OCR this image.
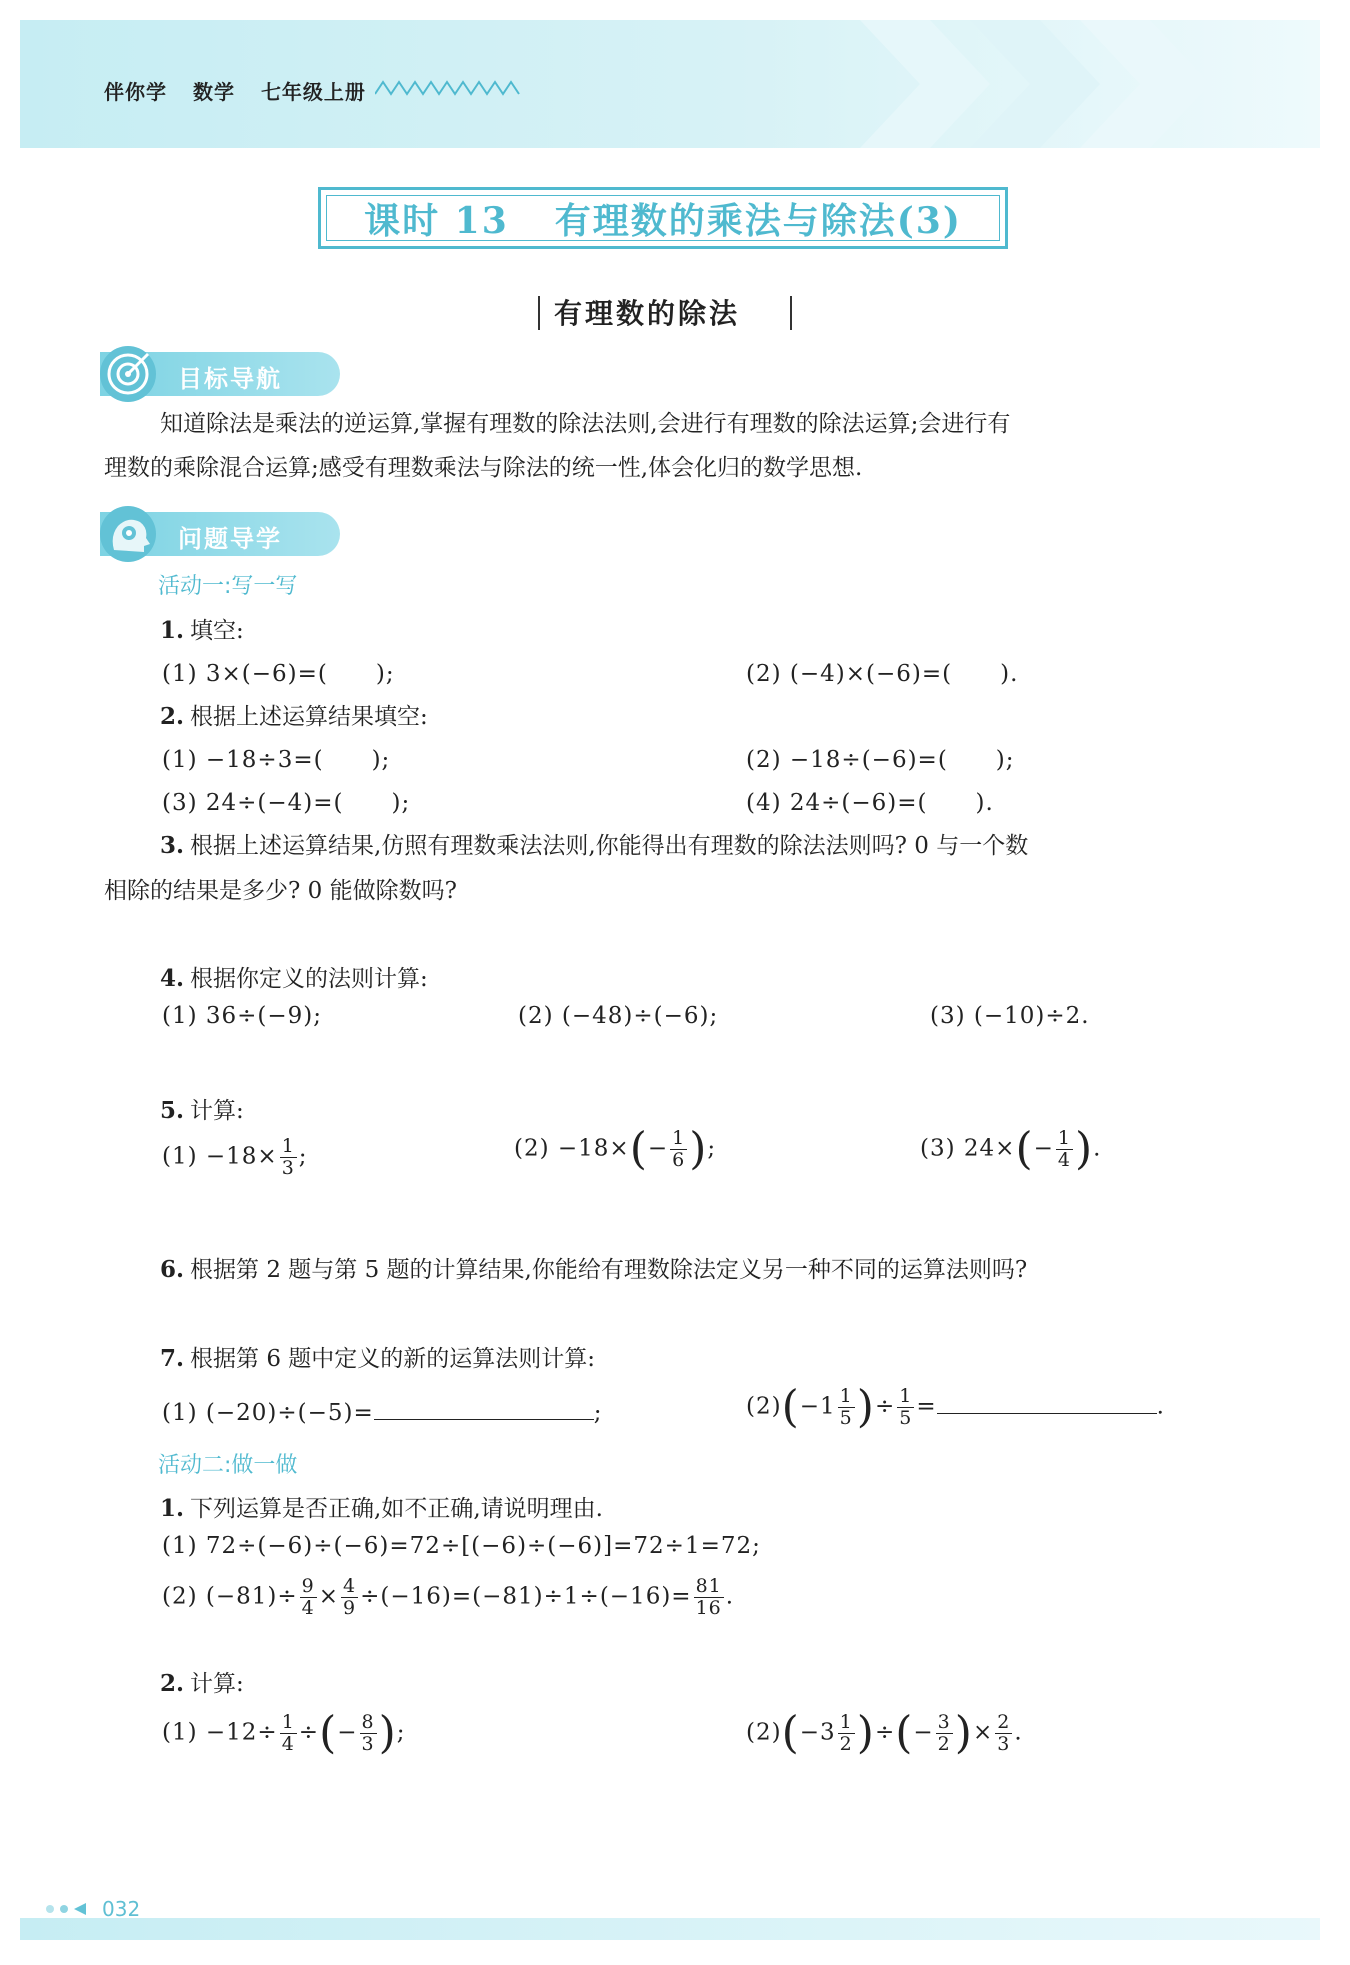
伴你学 数学 七年级上册
课时 13 有理数的乘法与除法(3)
有理数的除法
目标导航
知道除法是乘法的逆运算,掌握有理数的除法法则,会进行有理数的除法运算;会进行有
理数的乘除混合运算;感受有理数乘法与除法的统一性,体会化归的数学思想.
问题导学
活动一:写一写
1. 填空:
(1) 3×(−6)=(　　);	(2) (−4)×(−6)=(　　).
2. 根据上述运算结果填空:
(1) −18÷3=(　　);	(2) −18÷(−6)=(　　);
(3) 24÷(−4)=(　　);	(4) 24÷(−6)=(　　).
3. 根据上述运算结果,仿照有理数乘法法则,你能得出有理数的除法法则吗? 0 与一个数
相除的结果是多少? 0 能做除数吗?
4. 根据你定义的法则计算:
(1) 36÷(−9);	(2) (−48)÷(−6);	(3) (−10)÷2.
5. 计算:
$(1) -18\times \frac{1}{3}$ ;	$(2) -18\times(- \frac{1}{6}$ );	(3) $24\times(- \frac{1}{4}$ ).
6. 根据第 2 题与第 5 题的计算结果,你能给有理数除法定义另一种不同的运算法则吗?
7. 根据第 6 题中定义的新的运算法则计算:
(1) (−20)÷(−5)=	;	$(2)(-1 \frac{1}{5}$ )÷ $\frac{1}{5}$ =	.
活动二:做一做
1. 下列运算是否正确,如不正确,请说明理由.
(1) 72÷(−6)÷(−6)=72÷[(−6)÷(−6)]=72÷1=72;
(2) $(-81)\div \frac{9}{4} \times \frac{4}{9} \div(-16)=(-81)\div 1\div(-16)= \frac{81}{16}$ .
2. 计算:
$(1) -12\div \frac{1}{4}$ ÷(− $\frac{8}{3}$ );	$(2)(-3 \frac{1}{2}$ )÷(− $\frac{3}{2}$ )× $\frac{2}{3}$ .
032
